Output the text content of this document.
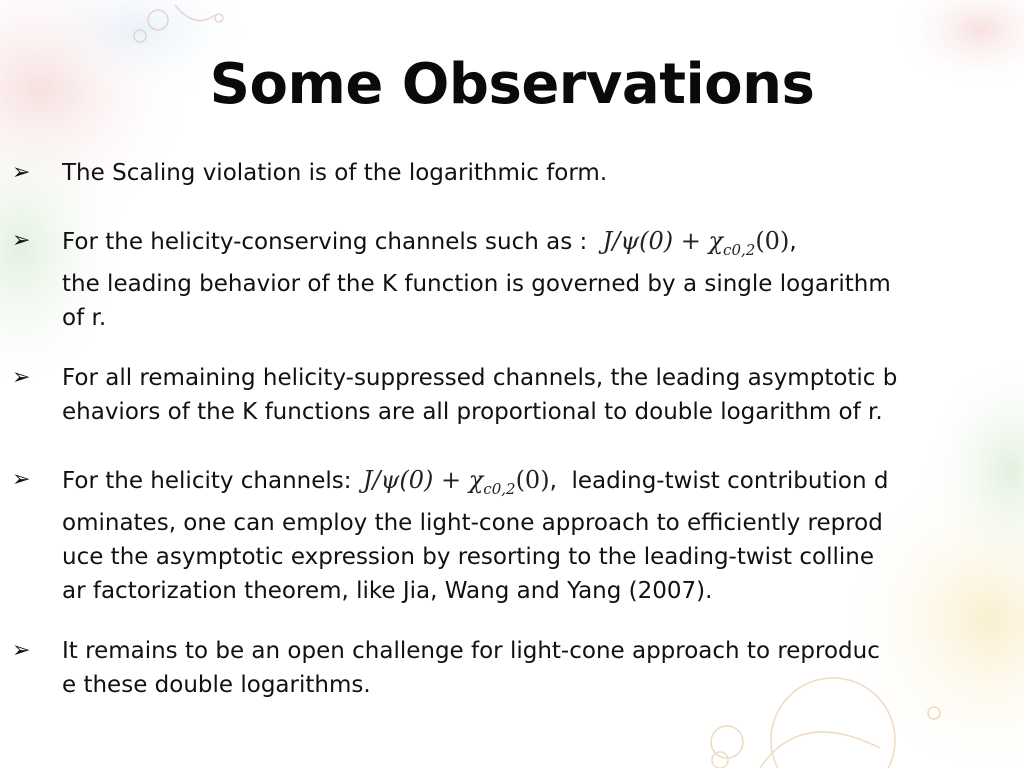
Some Observations
➢ The Scaling violation is of the logarithmic form.
➢ For the helicity-conserving channels such as : $J/\psi(0) + \chi_{c0,2}(0)$,
the leading behavior of the K function is governed by a single logarithm
of r.
➢ For all remaining helicity-suppressed channels, the leading asymptotic b
ehaviors of the K functions are all proportional to double logarithm of r.
➢ For the helicity channels: $J/\psi(0) + \chi_{c0,2}(0)$,  leading-twist contribution d
ominates, one can employ the light-cone approach to efficiently reprod
uce the asymptotic expression by resorting to the leading-twist colline
ar factorization theorem, like Jia, Wang and Yang (2007).
➢ It remains to be an open challenge for light-cone approach to reproduc
e these double logarithms.
